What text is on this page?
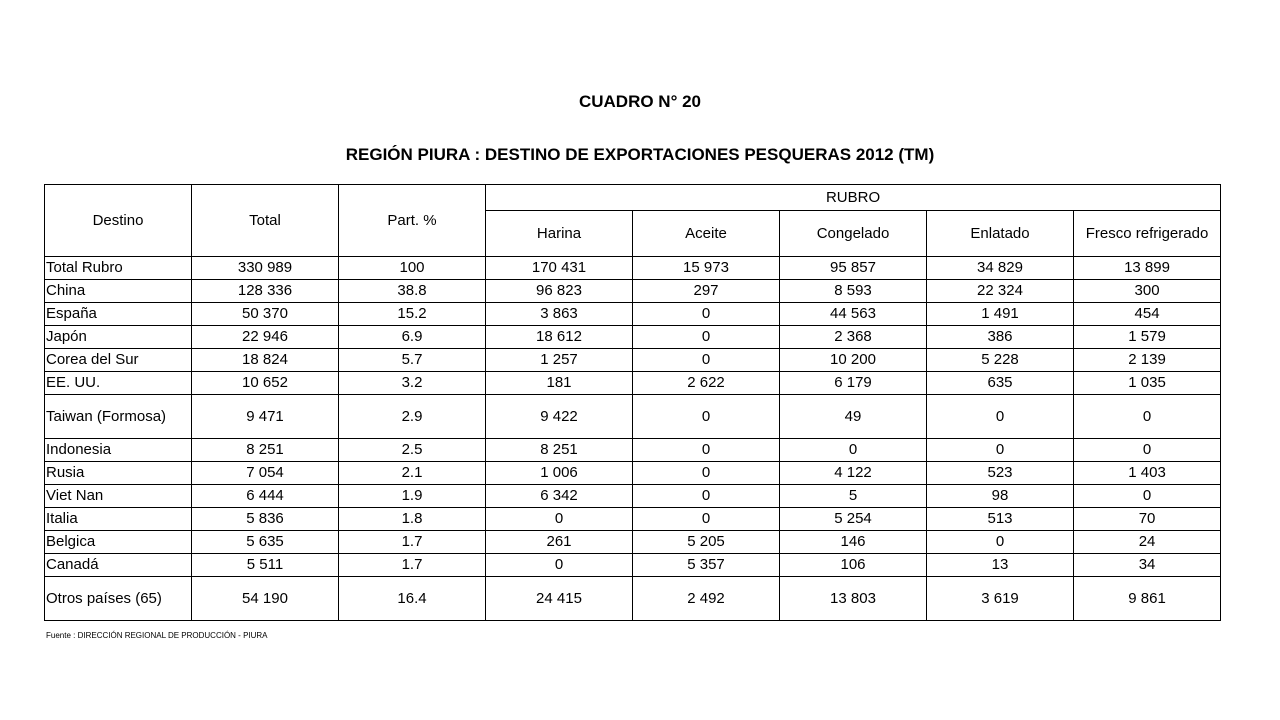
CUADRO N° 20
REGIÓN PIURA : DESTINO DE EXPORTACIONES PESQUERAS 2012 (TM)
Destino	Total	Part. %	RUBRO				
			Harina	Aceite	Congelado	Enlatado	Fresco refrigerado
Total Rubro	330 989	100	170 431	15 973	95 857	34 829	13 899
China	128 336	38.8	96 823	297	8 593	22 324	300
España	50 370	15.2	3 863	0	44 563	1 491	454
Japón	22 946	6.9	18 612	0	2 368	386	1 579
Corea del Sur	18 824	5.7	1 257	0	10 200	5 228	2 139
EE. UU.	10 652	3.2	181	2 622	6 179	635	1 035
Taiwan (Formosa)	9 471	2.9	9 422	0	49	0	0
Indonesia	8 251	2.5	8 251	0	0	0	0
Rusia	7 054	2.1	1 006	0	4 122	523	1 403
Viet Nan	6 444	1.9	6 342	0	5	98	0
Italia	5 836	1.8	0	0	5 254	513	70
Belgica	5 635	1.7	261	5 205	146	0	24
Canadá	5 511	1.7	0	5 357	106	13	34
Otros países (65)	54 190	16.4	24 415	2 492	13 803	3 619	9 861
Fuente : DIRECCIÓN REGIONAL DE PRODUCCIÓN - PIURA
